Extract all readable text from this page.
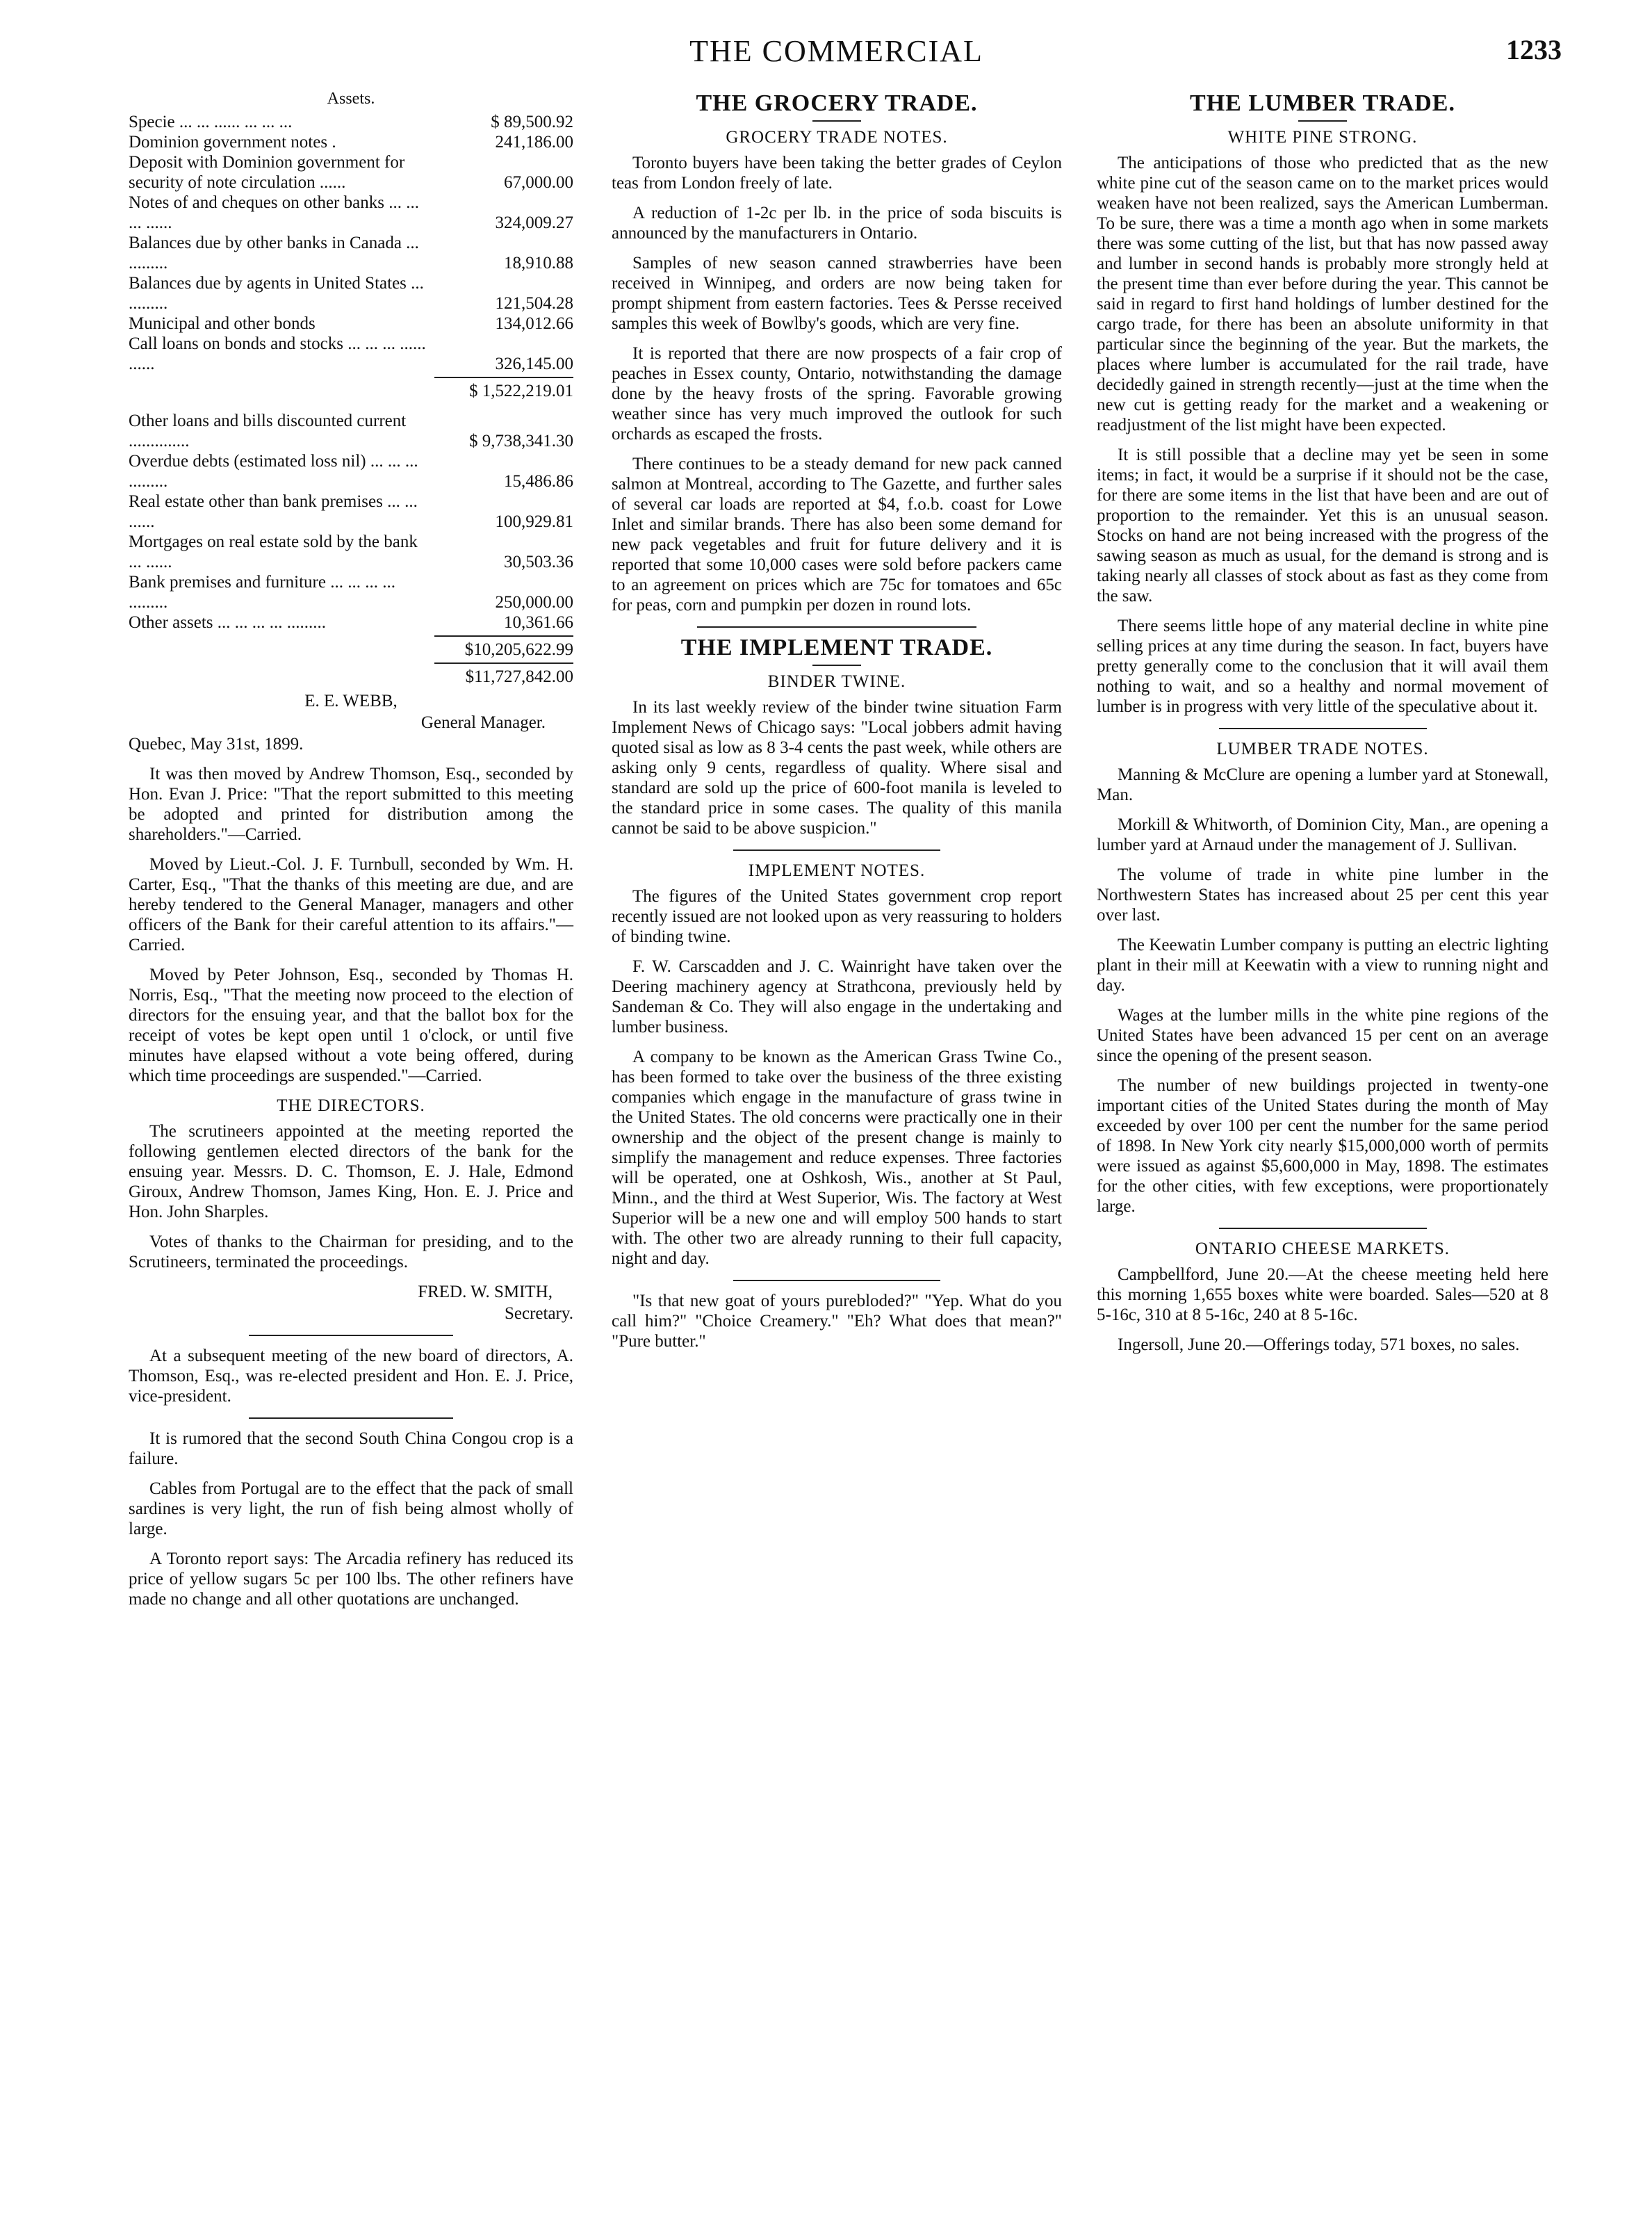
THE COMMERCIAL	1233
Assets.
Specie ... ... ...... ... ... ...	$ 89,500.92
Dominion government notes .	241,186.00
Deposit with Dominion government for security of note circulation ......	67,000.00
Notes of and cheques on other banks ... ... ... ......	324,009.27
Balances due by other banks in Canada ... .........	18,910.88
Balances due by agents in United States ... .........	121,504.28
Municipal and other bonds	134,012.66
Call loans on bonds and stocks ... ... ... ...... ......	326,145.00
$ 1,522,219.01
Other loans and bills discounted current ..............	$ 9,738,341.30
Overdue debts (estimated loss nil) ... ... ... .........	15,486.86
Real estate other than bank premises ... ... ......	100,929.81
Mortgages on real estate sold by the bank ... ......	30,503.36
Bank premises and furniture ... ... ... ... .........	250,000.00
Other assets ... ... ... ... .........	10,361.66
$10,205,622.99
$11,727,842.00
E. E. WEBB,
General Manager.

Quebec, May 31st, 1899.

It was then moved by Andrew Thomson, Esq., seconded by Hon. Evan J. Price: "That the report submitted to this meeting be adopted and printed for distribution among the shareholders."—Carried.

Moved by Lieut.-Col. J. F. Turnbull, seconded by Wm. H. Carter, Esq., "That the thanks of this meeting are due, and are hereby tendered to the General Manager, managers and other officers of the Bank for their careful attention to its affairs."—Carried.

Moved by Peter Johnson, Esq., seconded by Thomas H. Norris, Esq., "That the meeting now proceed to the election of directors for the ensuing year, and that the ballot box for the receipt of votes be kept open until 1 o'clock, or until five minutes have elapsed without a vote being offered, during which time proceedings are suspended."—Carried.

THE DIRECTORS.

The scrutineers appointed at the meeting reported the following gentlemen elected directors of the bank for the ensuing year. Messrs. D. C. Thomson, E. J. Hale, Edmond Giroux, Andrew Thomson, James King, Hon. E. J. Price and Hon. John Sharples.

Votes of thanks to the Chairman for presiding, and to the Scrutineers, terminated the proceedings.

FRED. W. SMITH,
Secretary.

At a subsequent meeting of the new board of directors, A. Thomson, Esq., was re-elected president and Hon. E. J. Price, vice-president.

It is rumored that the second South China Congou crop is a failure.

Cables from Portugal are to the effect that the pack of small sardines is very light, the run of fish being almost wholly of large.

A Toronto report says: The Arcadia refinery has reduced its price of yellow sugars 5c per 100 lbs. The other refiners have made no change and all other quotations are unchanged.

THE GROCERY TRADE.
GROCERY TRADE NOTES.

Toronto buyers have been taking the better grades of Ceylon teas from London freely of late.

A reduction of 1-2c per lb. in the price of soda biscuits is announced by the manufacturers in Ontario.

Samples of new season canned strawberries have been received in Winnipeg, and orders are now being taken for prompt shipment from eastern factories. Tees & Persse received samples this week of Bowlby's goods, which are very fine.

It is reported that there are now prospects of a fair crop of peaches in Essex county, Ontario, notwithstanding the damage done by the heavy frosts of the spring. Favorable growing weather since has very much improved the outlook for such orchards as escaped the frosts.

There continues to be a steady demand for new pack canned salmon at Montreal, according to The Gazette, and further sales of several car loads are reported at $4, f.o.b. coast for Lowe Inlet and similar brands. There has also been some demand for new pack vegetables and fruit for future delivery and it is reported that some 10,000 cases were sold before packers came to an agreement on prices which are 75c for tomatoes and 65c for peas, corn and pumpkin per dozen in round lots.

THE IMPLEMENT TRADE.
BINDER TWINE.

In its last weekly review of the binder twine situation Farm Implement News of Chicago says: "Local jobbers admit having quoted sisal as low as 8 3-4 cents the past week, while others are asking only 9 cents, regardless of quality. Where sisal and standard are sold up the price of 600-foot manila is leveled to the standard price in some cases. The quality of this manila cannot be said to be above suspicion."

IMPLEMENT NOTES.

The figures of the United States government crop report recently issued are not looked upon as very reassuring to holders of binding twine.

F. W. Carscadden and J. C. Wainright have taken over the Deering machinery agency at Strathcona, previously held by Sandeman & Co. They will also engage in the undertaking and lumber business.

A company to be known as the American Grass Twine Co., has been formed to take over the business of the three existing companies which engage in the manufacture of grass twine in the United States. The old concerns were practically one in their ownership and the object of the present change is mainly to simplify the management and reduce expenses. Three factories will be operated, one at Oshkosh, Wis., another at St Paul, Minn., and the third at West Superior, Wis. The factory at West Superior will be a new one and will employ 500 hands to start with. The other two are already running to their full capacity, night and day.

"Is that new goat of yours purebloded?" "Yep. What do you call him?" "Choice Creamery." "Eh? What does that mean?" "Pure butter."

THE LUMBER TRADE.
WHITE PINE STRONG.

The anticipations of those who predicted that as the new white pine cut of the season came on to the market prices would weaken have not been realized, says the American Lumberman. To be sure, there was a time a month ago when in some markets there was some cutting of the list, but that has now passed away and lumber in second hands is probably more strongly held at the present time than ever before during the year. This cannot be said in regard to first hand holdings of lumber destined for the cargo trade, for there has been an absolute uniformity in that particular since the beginning of the year. But the markets, the places where lumber is accumulated for the rail trade, have decidedly gained in strength recently—just at the time when the new cut is getting ready for the market and a weakening or readjustment of the list might have been expected.

It is still possible that a decline may yet be seen in some items; in fact, it would be a surprise if it should not be the case, for there are some items in the list that have been and are out of proportion to the remainder. Yet this is an unusual season. Stocks on hand are not being increased with the progress of the sawing season as much as usual, for the demand is strong and is taking nearly all classes of stock about as fast as they come from the saw.

There seems little hope of any material decline in white pine selling prices at any time during the season. In fact, buyers have pretty generally come to the conclusion that it will avail them nothing to wait, and so a healthy and normal movement of lumber is in progress with very little of the speculative about it.

LUMBER TRADE NOTES.

Manning & McClure are opening a lumber yard at Stonewall, Man.

Morkill & Whitworth, of Dominion City, Man., are opening a lumber yard at Arnaud under the management of J. Sullivan.

The volume of trade in white pine lumber in the Northwestern States has increased about 25 per cent this year over last.

The Keewatin Lumber company is putting an electric lighting plant in their mill at Keewatin with a view to running night and day.

Wages at the lumber mills in the white pine regions of the United States have been advanced 15 per cent on an average since the opening of the present season.

The number of new buildings projected in twenty-one important cities of the United States during the month of May exceeded by over 100 per cent the number for the same period of 1898. In New York city nearly $15,000,000 worth of permits were issued as against $5,600,000 in May, 1898. The estimates for the other cities, with few exceptions, were proportionately large.

ONTARIO CHEESE MARKETS.

Campbellford, June 20.—At the cheese meeting held here this morning 1,655 boxes white were boarded. Sales—520 at 8 5-16c, 310 at 8 5-16c, 240 at 8 5-16c.

Ingersoll, June 20.—Offerings today, 571 boxes, no sales.
